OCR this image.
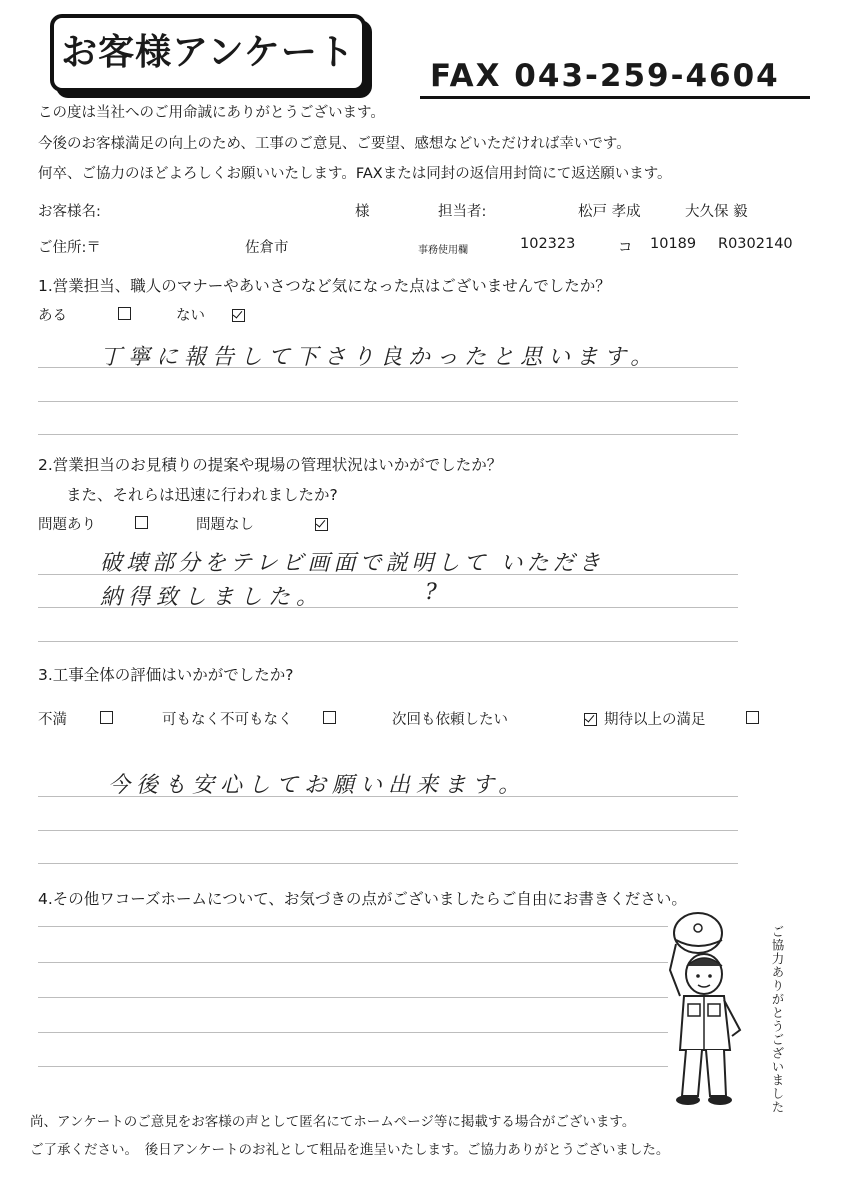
お客様アンケート
FAX 043-259-4604
この度は当社へのご用命誠にありがとうございます。
今後のお客様満足の向上のため、工事のご意見、ご要望、感想などいただければ幸いです。
何卒、ご協力のほどよろしくお願いいたします。FAXまたは同封の返信用封筒にて返送願います。
お客様名:	様	担当者:	松戸 孝成	大久保 毅
ご住所:〒	佐倉市	事務使用欄	102323	コ 10189 R0302140
1.営業担当、職人のマナーやあいさつなど気になった点はございませんでしたか？
ある	ない

丁寧に報告して下さり良かったと思います。
2.営業担当のお見積りの提案や現場の管理状況はいかがでしたか？
また、それらは迅速に行われましたか?
問題あり	問題なし

破壊部分をテレビ画面で説明して いただき
納得致しました。	?
3.工事全体の評価はいかがでしたか?
不満	可もなく不可もなく	次回も依頼したい	期待以上の満足
今後も安心してお願い出来ます。
4.その他ワコーズホームについて、お気づきの点がございましたらご自由にお書きください。
ご協力ありがとうございました
尚、アンケートのご意見をお客様の声として匿名にてホームページ等に掲載する場合がございます。
ご了承ください。　後日アンケートのお礼として粗品を進呈いたします。ご協力ありがとうございました。
